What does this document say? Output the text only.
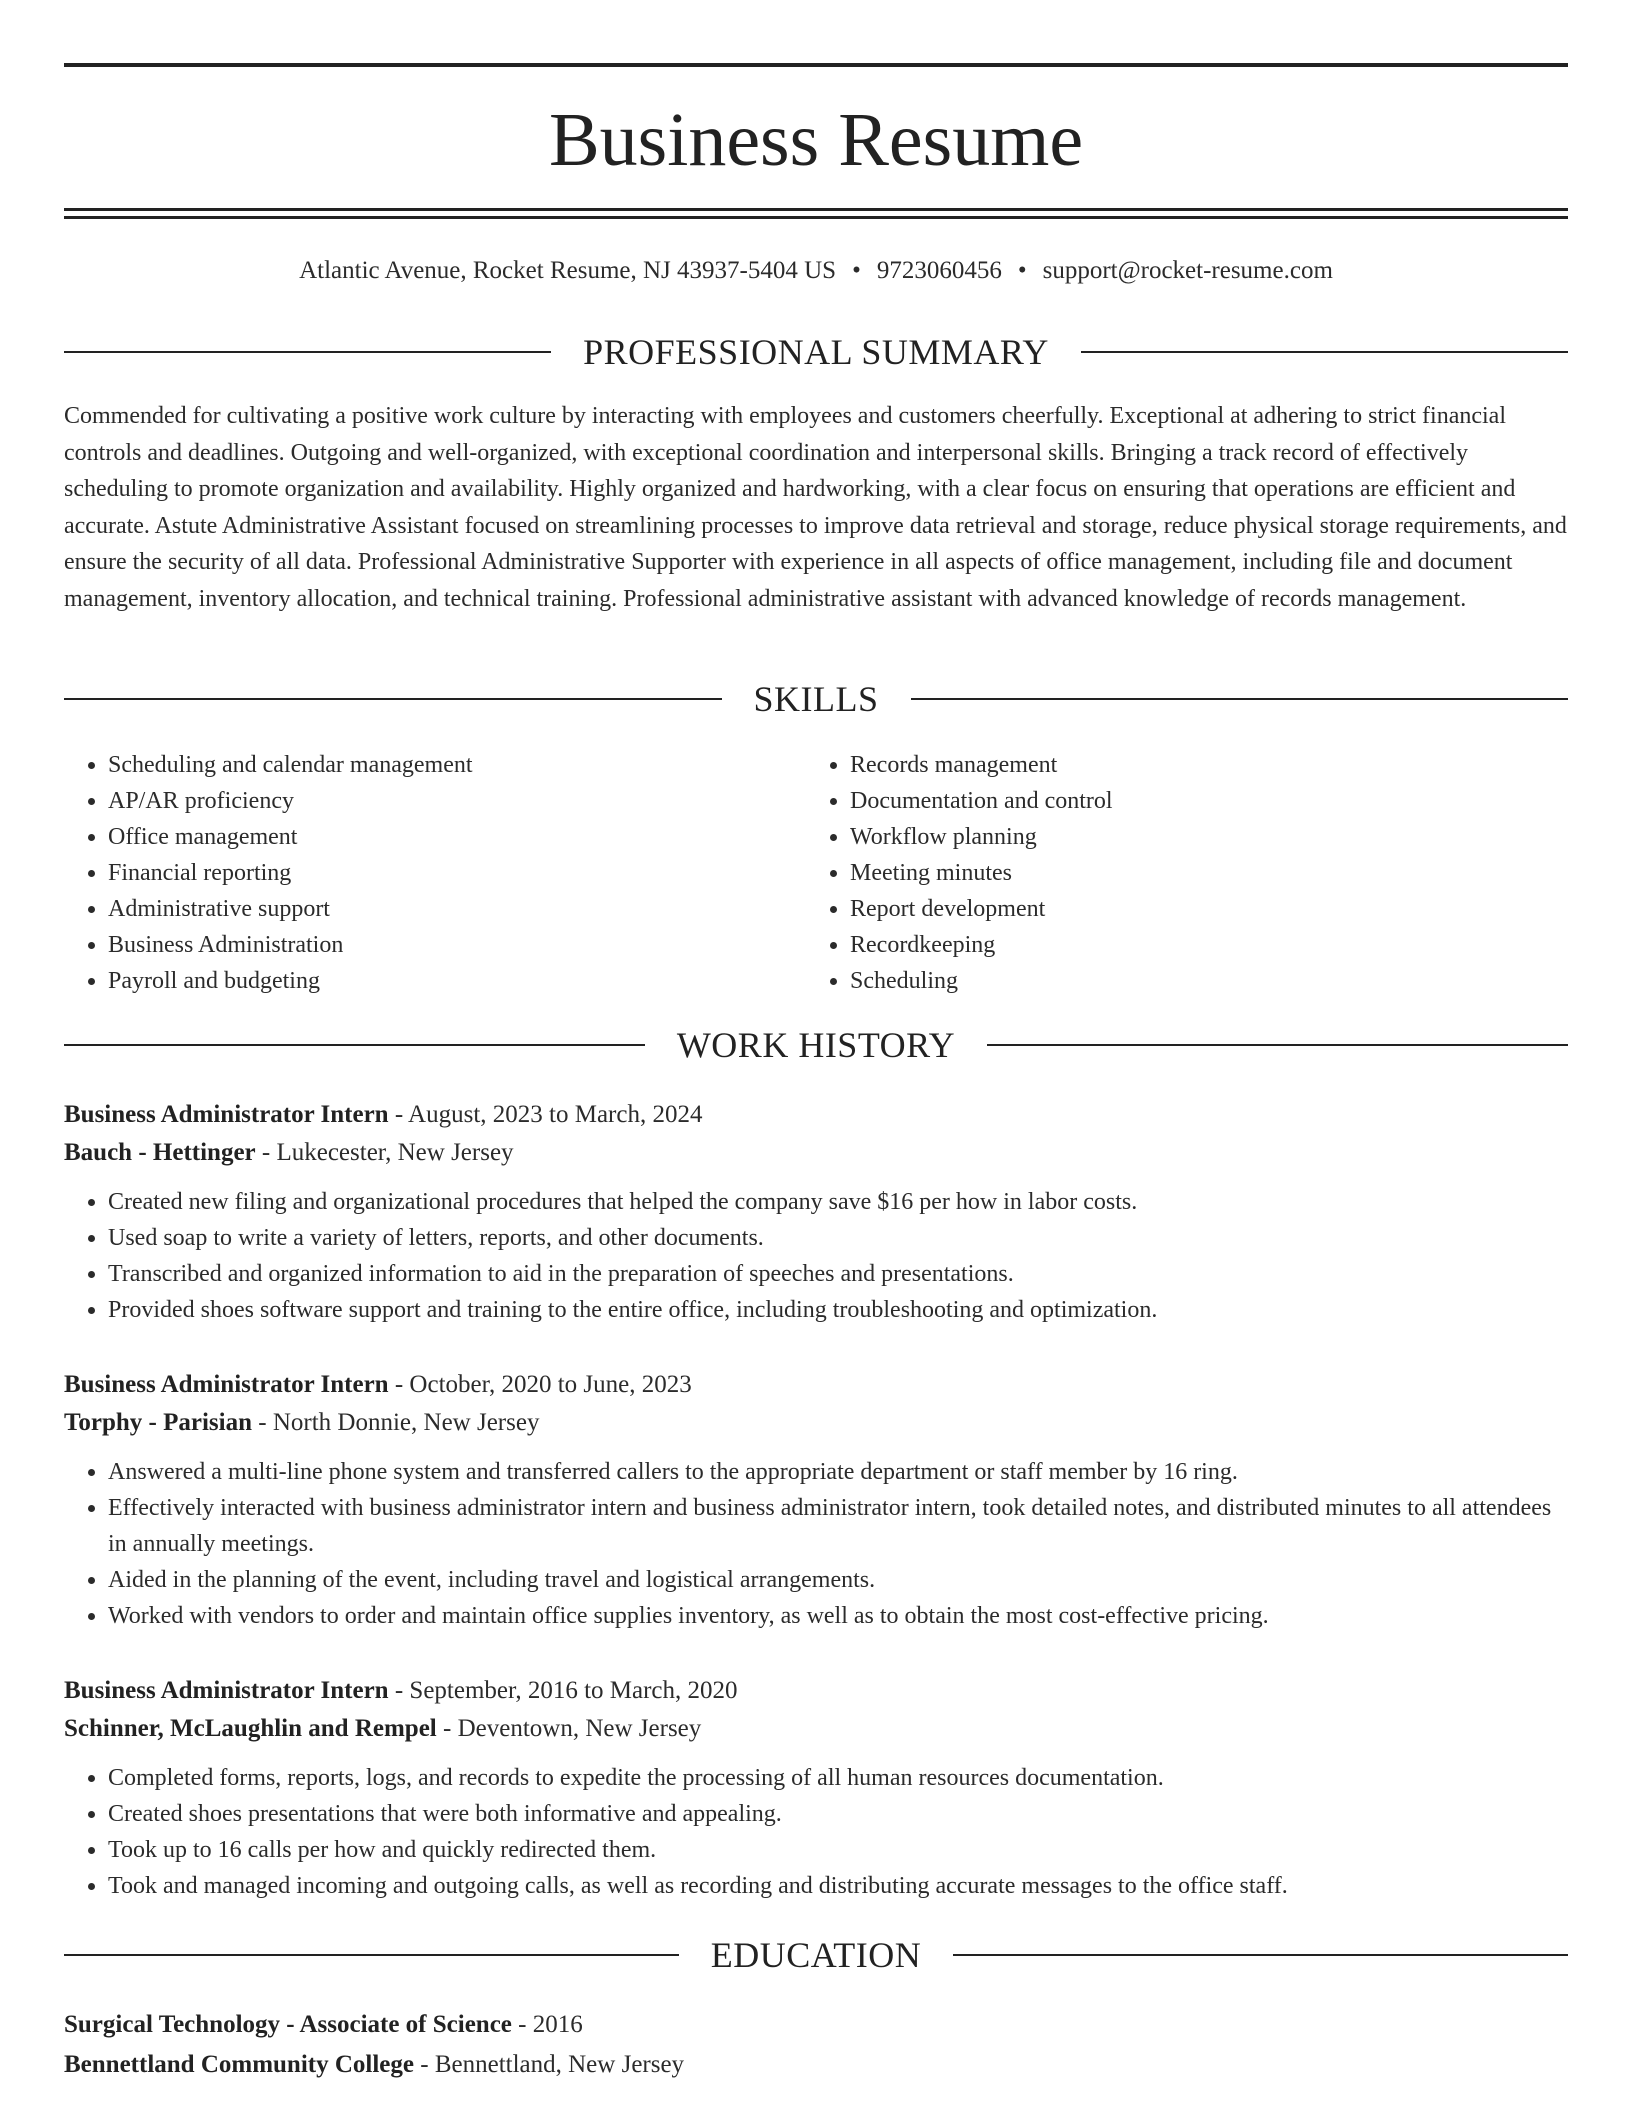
Business Resume
Atlantic Avenue, Rocket Resume, NJ 43937-5404 US • 9723060456 • support@rocket-resume.com
PROFESSIONAL SUMMARY
Commended for cultivating a positive work culture by interacting with employees and customers cheerfully. Exceptional at adhering to strict financial controls and deadlines. Outgoing and well-organized, with exceptional coordination and interpersonal skills. Bringing a track record of effectively scheduling to promote organization and availability. Highly organized and hardworking, with a clear focus on ensuring that operations are efficient and accurate. Astute Administrative Assistant focused on streamlining processes to improve data retrieval and storage, reduce physical storage requirements, and ensure the security of all data. Professional Administrative Supporter with experience in all aspects of office management, including file and document management, inventory allocation, and technical training. Professional administrative assistant with advanced knowledge of records management.
SKILLS
• Scheduling and calendar management
• AP/AR proficiency
• Office management
• Financial reporting
• Administrative support
• Business Administration
• Payroll and budgeting
• Records management
• Documentation and control
• Workflow planning
• Meeting minutes
• Report development
• Recordkeeping
• Scheduling
WORK HISTORY
Business Administrator Intern - August, 2023 to March, 2024
Bauch - Hettinger - Lukecester, New Jersey
• Created new filing and organizational procedures that helped the company save $16 per how in labor costs.
• Used soap to write a variety of letters, reports, and other documents.
• Transcribed and organized information to aid in the preparation of speeches and presentations.
• Provided shoes software support and training to the entire office, including troubleshooting and optimization.
Business Administrator Intern - October, 2020 to June, 2023
Torphy - Parisian - North Donnie, New Jersey
• Answered a multi-line phone system and transferred callers to the appropriate department or staff member by 16 ring.
• Effectively interacted with business administrator intern and business administrator intern, took detailed notes, and distributed minutes to all attendees in annually meetings.
• Aided in the planning of the event, including travel and logistical arrangements.
• Worked with vendors to order and maintain office supplies inventory, as well as to obtain the most cost-effective pricing.
Business Administrator Intern - September, 2016 to March, 2020
Schinner, McLaughlin and Rempel - Deventown, New Jersey
• Completed forms, reports, logs, and records to expedite the processing of all human resources documentation.
• Created shoes presentations that were both informative and appealing.
• Took up to 16 calls per how and quickly redirected them.
• Took and managed incoming and outgoing calls, as well as recording and distributing accurate messages to the office staff.
EDUCATION
Surgical Technology - Associate of Science - 2016
Bennettland Community College - Bennettland, New Jersey
